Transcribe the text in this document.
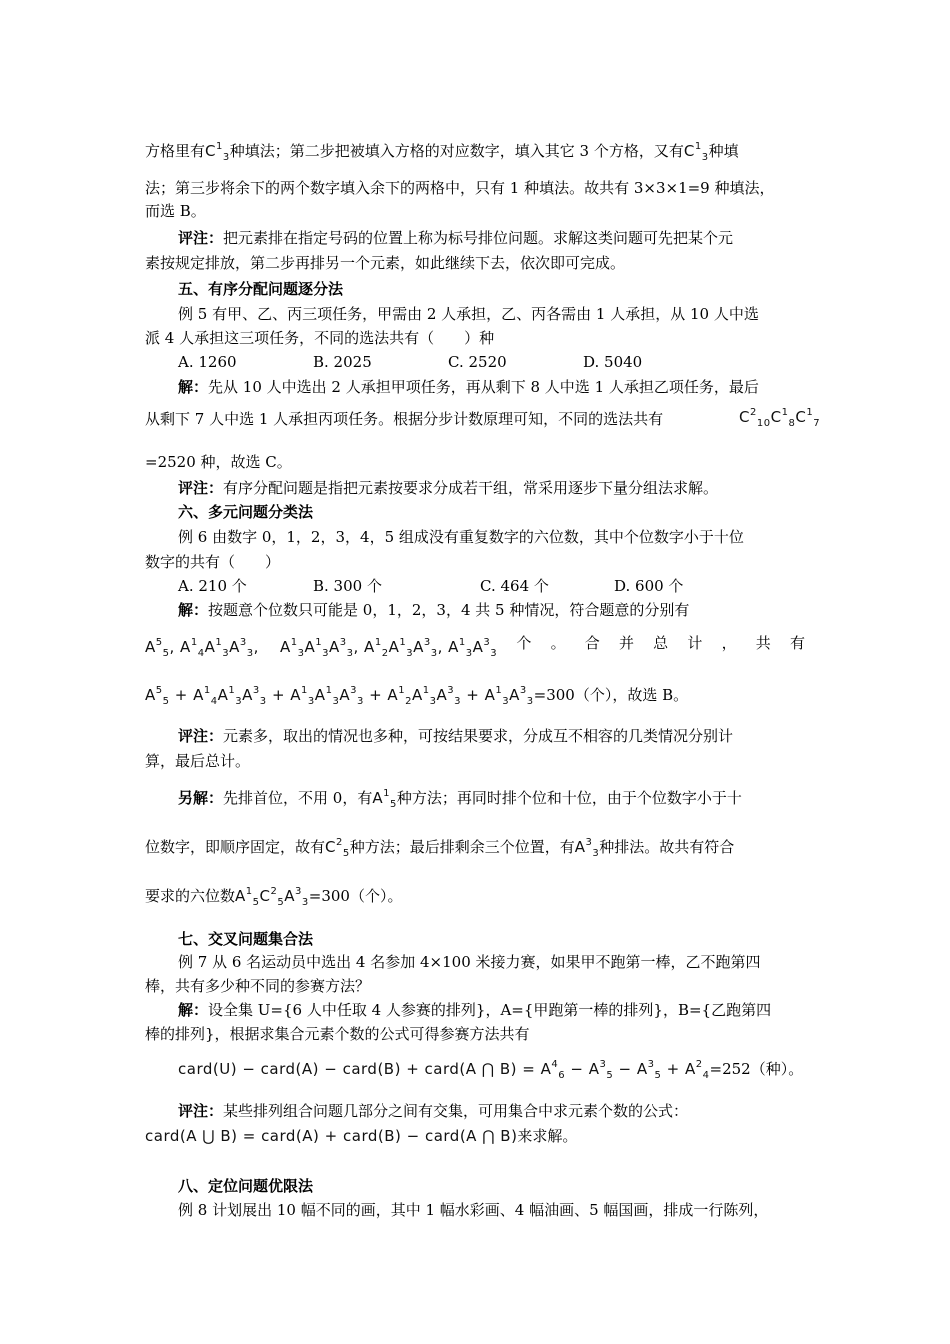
方格里有$C^1_3$种填法；第二步把被填入方格的对应数字，填入其它 3 个方格，又有$C^1_3$种填
法；第三步将余下的两个数字填入余下的两格中，只有 1 种填法。故共有 3×3×1=9 种填法，
而选 B。
评注：把元素排在指定号码的位置上称为标号排位问题。求解这类问题可先把某个元
素按规定排放，第二步再排另一个元素，如此继续下去，依次即可完成。
五、有序分配问题逐分法
例 5 有甲、乙、丙三项任务，甲需由 2 人承担，乙、丙各需由 1 人承担，从 10 人中选
派 4 人承担这三项任务，不同的选法共有（　　）种
A. 1260	B. 2025	C. 2520	D. 5040
解：先从 10 人中选出 2 人承担甲项任务，再从剩下 8 人中选 1 人承担乙项任务，最后
从剩下 7 人中选 1 人承担丙项任务。根据分步计数原理可知，不同的选法共有	$C^2_{10}C^1_8C^1_7$
=2520 种，故选 C。
评注：有序分配问题是指把元素按要求分成若干组，常采用逐步下量分组法求解。
六、多元问题分类法
例 6 由数字 0，1，2，3，4，5 组成没有重复数字的六位数，其中个位数字小于十位
数字的共有（　　）
A. 210 个	B. 300 个	C. 464 个	D. 600 个
解：按题意个位数只可能是 0，1，2，3，4 共 5 种情况，符合题意的分别有
$A^5_5$, $A^1_4A^1_3A^3_3$,    $A^1_3A^1_3A^3_3$, $A^1_2A^1_3A^3_3$, $A^1_3A^3_3$
个 。 合 并 总 计 ， 共 有
$A^5_5 + A^1_4A^1_3A^3_3 + A^1_3A^1_3A^3_3 + A^1_2A^1_3A^3_3 + A^1_3A^3_3=300$（个），故选 B。
评注：元素多，取出的情况也多种，可按结果要求，分成互不相容的几类情况分别计
算，最后总计。
另解：先排首位，不用 0，有$A^1_5$种方法；再同时排个位和十位，由于个位数字小于十
位数字，即顺序固定，故有$C^2_5$种方法；最后排剩余三个位置，有$A^3_3$种排法。故共有符合
要求的六位数$A^1_5C^2_5A^3_3=300$（个）。
七、交叉问题集合法
例 7 从 6 名运动员中选出 4 名参加 4×100 米接力赛，如果甲不跑第一棒，乙不跑第四
棒，共有多少种不同的参赛方法？
解：设全集 U={6 人中任取 4 人参赛的排列}，A={甲跑第一棒的排列}，B={乙跑第四
棒的排列}，根据求集合元素个数的公式可得参赛方法共有
card(U) − card(A) − card(B) + card(A ⋂ $B) = A^4_6 - A^3_5 - A^3_5 + A^2_4=252$（种）。
评注：某些排列组合问题几部分之间有交集，可用集合中求元素个数的公式：
card(A ⋃ B) = card(A) + card(B) − card(A ⋂ B)来求解。
八、定位问题优限法
例 8 计划展出 10 幅不同的画，其中 1 幅水彩画、4 幅油画、5 幅国画，排成一行陈列，
